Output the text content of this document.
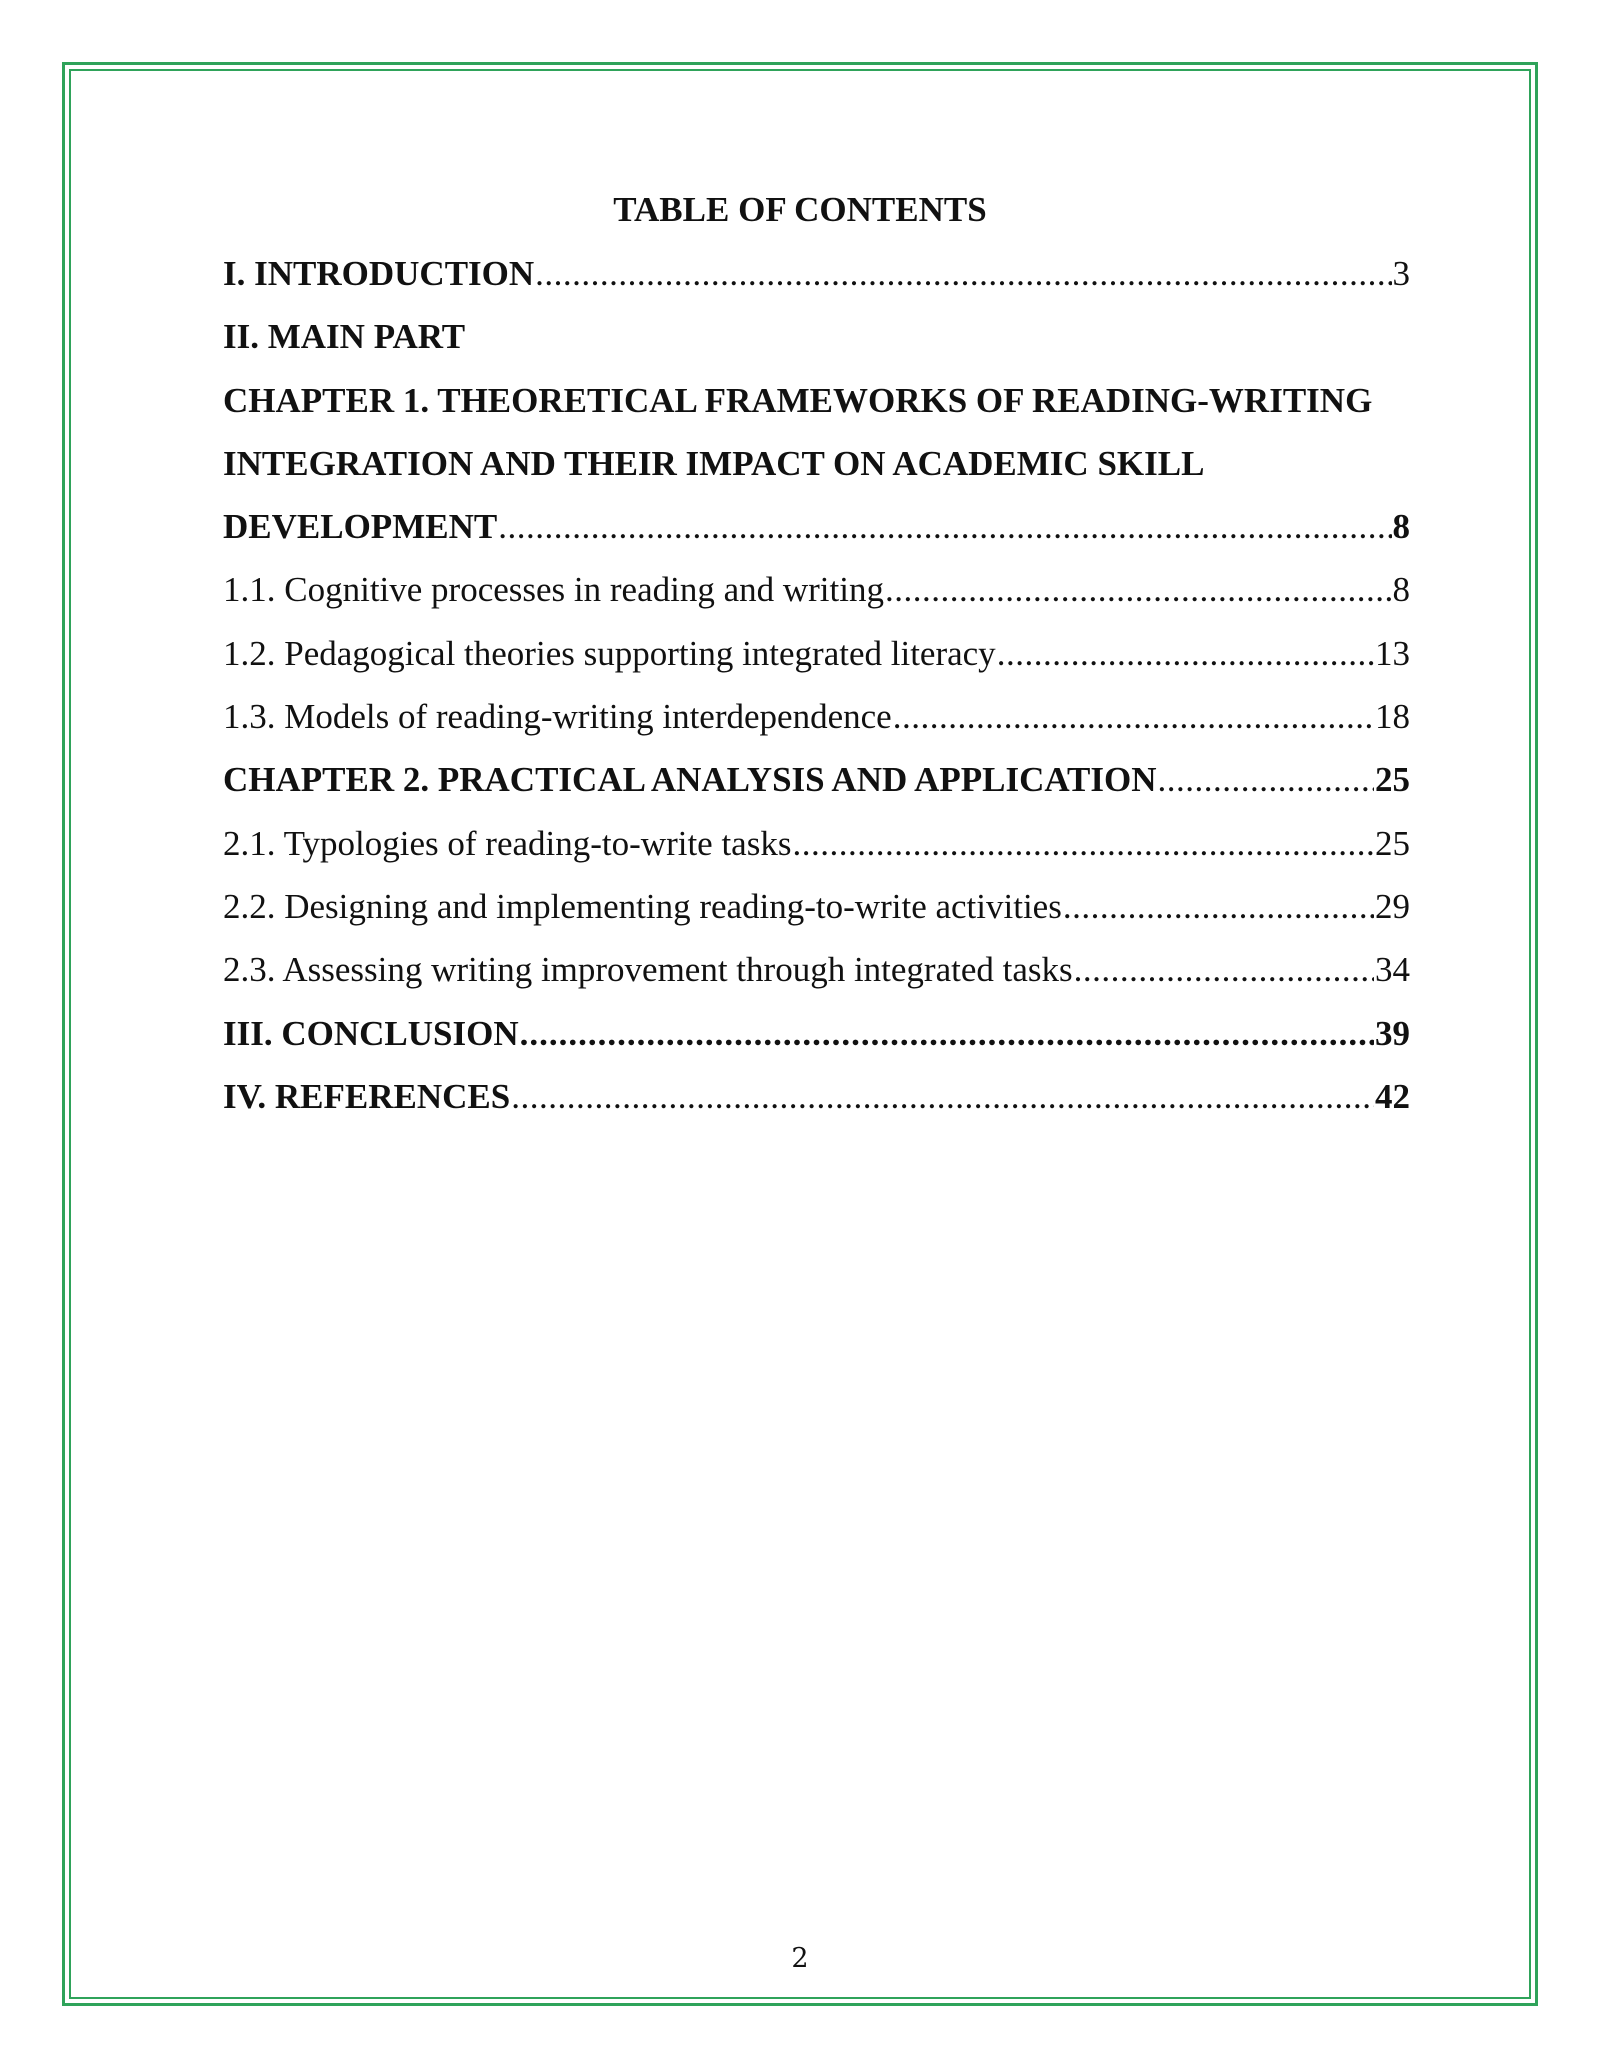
TABLE OF CONTENTS
I. INTRODUCTION .....	3
II. MAIN PART
CHAPTER 1. THEORETICAL FRAMEWORKS OF READING-WRITING
INTEGRATION AND THEIR IMPACT ON ACADEMIC SKILL
DEVELOPMENT .....	8
1.1. Cognitive processes in reading and writing .....	8
1.2. Pedagogical theories supporting integrated literacy .....	13
1.3. Models of reading-writing interdependence .....	18
CHAPTER 2. PRACTICAL ANALYSIS AND APPLICATION .....	25
2.1. Typologies of reading-to-write tasks .....	25
2.2. Designing and implementing reading-to-write activities .....	29
2.3. Assessing writing improvement through integrated tasks .....	34
III. CONCLUSION .....	39
IV. REFERENCES .....	42
2
